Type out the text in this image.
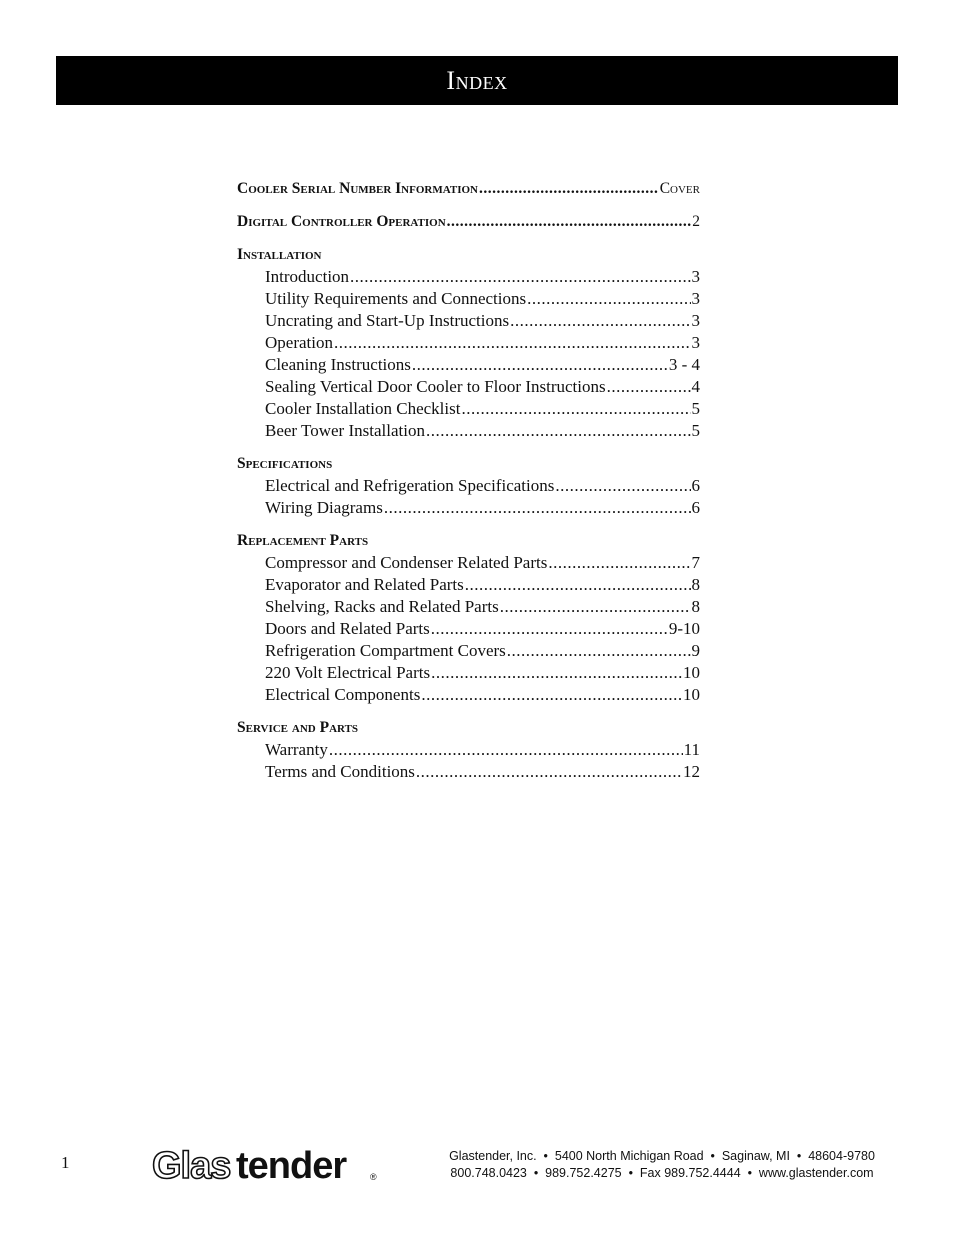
Index
Cooler Serial Number Information .....	Cover
Digital Controller Operation .....	2
Installation
Introduction .....	3
Utility Requirements and Connections .....	3
Uncrating and Start-Up Instructions .....	3
Operation .....	3
Cleaning Instructions .....	3 - 4
Sealing Vertical Door Cooler to Floor Instructions .....	4
Cooler Installation Checklist .....	5
Beer Tower Installation .....	5
Specifications
Electrical and Refrigeration Specifications .....	6
Wiring Diagrams .....	6
Replacement Parts
Compressor and Condenser Related Parts .....	7
Evaporator and Related Parts .....	8
Shelving, Racks and Related Parts .....	8
Doors and Related Parts .....	9-10
Refrigeration Compartment Covers .....	9
220 Volt Electrical Parts .....	10
Electrical Components .....	10
Service and Parts
Warranty .....	11
Terms and Conditions .....	12
1 Glas tender	®
Glastender, Inc.  •  5400 North Michigan Road  •  Saginaw, MI  •  48604-9780
800.748.0423  •  989.752.4275  •  Fax 989.752.4444  •  www.glastender.com
